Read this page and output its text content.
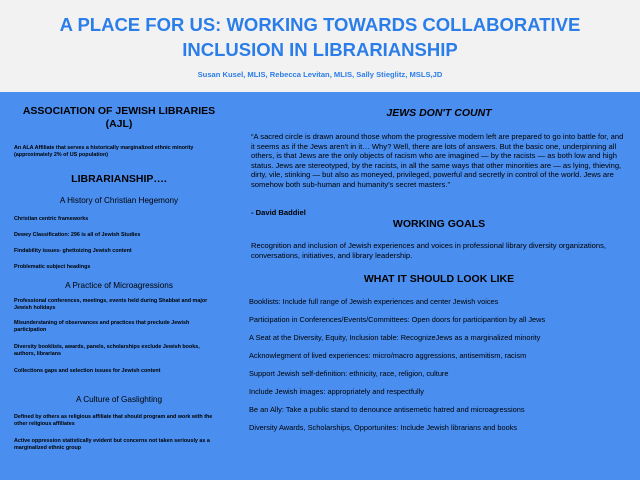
A PLACE FOR US: WORKING TOWARDS COLLABORATIVE
INCLUSION IN LIBRARIANSHIP
Susan Kusel, MLIS, Rebecca Levitan, MLIS, Sally Stieglitz, MSLS,JD
ASSOCIATION OF JEWISH LIBRARIES
(AJL)
An ALA Affiliate that serves a historically marginalized ethnic minority (approximately 2% of US population)
LIBRARIANSHIP….
A History of Christian Hegemony
Christian centric frameworks
Dewey Classification: 296 is all of Jewish Studies
Findability issues- ghettoizing Jewish content
Problematic subject headings
A Practice of Microagressions
Professional conferences, meetings, events held during Shabbat and major Jewish holidays
Misunderstaning of observances and practices that preclude Jewish participation
Diversity booklists, awards, panels, scholarships exclude Jewish books, authors, librarians
Collections gaps and selection issues for Jewish content
A Culture of Gaslighting
Defined by others as religious affiliate that should program and work with the other religious affiliates
Active oppression statistically evident but concerns not taken seriously as a marginalized ethnic group
JEWS DON'T COUNT
“A sacred circle is drawn around those whom the progressive modern left are prepared to go into battle for, and it seems as if the Jews aren't in it… Why? Well, there are lots of answers. But the basic one, underpinning all others, is that Jews are the only objects of racism who are imagined — by the racists — as both low and high status. Jews are stereotyped, by the racists, in all the same ways that other minorities are — as lying, thieving, dirty, vile, stinking — but also as moneyed, privileged, powerful and secretly in control of the world. Jews are somehow both sub-human and humanity's secret masters.”
- David Baddiel
WORKING GOALS
Recognition and inclusion of Jewish experiences and voices in professional library diversity organizations, conversations, initiatives, and library leadership.
WHAT IT SHOULD LOOK LIKE
Booklists: Include full range of Jewish experiences and center Jewish voices
Participation in Conferences/Events/Committees: Open doors for participantion by all Jews
A Seat at the Diversity, Equity, Inclusion table: RecognizeJews as a marginalized minority
Acknowlegment of lived experiences: micro/macro aggressions, antisemitism, racism
Support Jewish self-definition: ethnicity, race, religion, culture
Include Jewish images: appropriately and respectfully
Be an Ally: Take a public stand to denounce antisemetic hatred and microagressions
Diversity Awards, Scholarships, Opportunites: Include Jewish librarians and books
